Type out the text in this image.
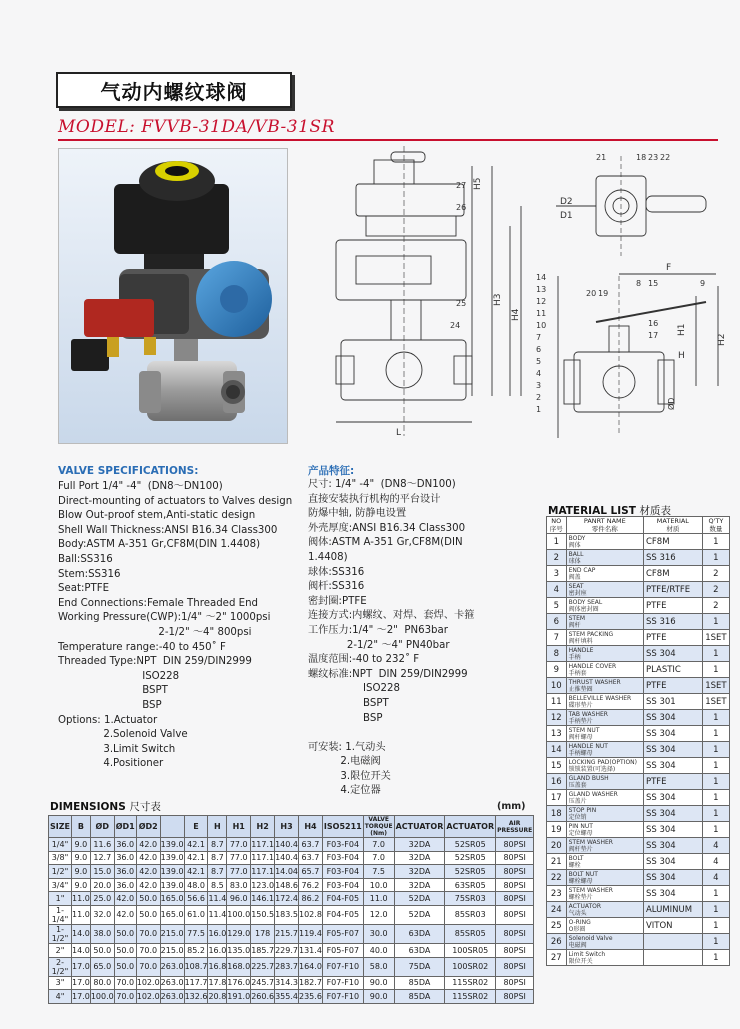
气动内螺纹球阀
MODEL: FVVB-31DA/VB-31SR
L
H5
H3
H4
27
26
24
21	18 23 22
D2
D1
F
H1
H
H2
ØD
8 15	9
14
13
12
11
10
7
6
5
4
3
2
1
16
17
20 19
25
VALVE SPECIFICATIONS:
Full Port 1/4" -4"  (DN8～DN100)
Direct-mounting of actuators to Valves design
Blow Out-proof stem,Anti-static design
Shell Wall Thickness:ANSI B16.34 Class300
Body:ASTM A-351 Gr,CF8M(DIN 1.4408)
Ball:SS316
Stem:SS316
Seat:PTFE
End Connections:Female Threaded End
Working Pressure(CWP):1/4" ～2" 1000psi
2-1/2" ～4" 800psi
Temperature range:-40 to 450˚ F
Threaded Type:NPT  DIN 259/DIN2999
ISO228
BSPT
BSP
Options: 1.Actuator
2.Solenoid Valve
3.Limit Switch
4.Positioner
产品特征:
尺寸: 1/4" -4"  (DN8～DN100)
直接安装执行机构的平台设计
防爆中轴, 防静电设置
外壳厚度:ANSI B16.34 Class300
阀体:ASTM A-351 Gr,CF8M(DIN
1.4408)
球体:SS316
阀杆:SS316
密封圈:PTFE
连接方式:内螺纹、对焊、套焊、卡箍
工作压力:1/4" ～2"  PN63bar
2-1/2" ～4" PN40bar
温度范围:-40 to 232˚ F
螺纹标准:NPT  DIN 259/DIN2999
ISO228
BSPT
BSP

可安装: 1.气动头
2.电磁阀
3.限位开关
4.定位器
MATERIAL LIST 材质表
NO
序号	PANRT NAME
零件名称	MATERIAL
材质	Q'TY
数量
1	BODY
阀体	CF8M	1
2	BALL
球体	SS 316	1
3	END CAP
阀盖	CF8M	2
4	SEAT
密封座	PTFE/RTFE	2
5	BODY SEAL
阀体密封圈	PTFE	2
6	STEM
阀杆	SS 316	1
7	STEM PACKING
阀杆填料	PTFE	1SET
8	HANDLE
手柄	SS 304	1
9	HANDLE COVER
手柄套	PLASTIC	1
10	THRUST WASHER
止推垫圈	PTFE	1SET
11	BELLEVILLE WASHER
碟形垫片	SS 301	1SET
12	TAB WASHER
手柄垫片	SS 304	1
13	STEM NUT
阀杆螺母	SS 304	1
14	HANDLE NUT
手柄螺母	SS 304	1
15	LOCKING PAD(OPTION)
锁锁装置(可选择)	SS 304	1
16	GLAND BUSH
压盖套	PTFE	1
17	GLAND WASHER
压盖片	SS 304	1
18	STOP PIN
定位销	SS 304	1
19	PIN NUT
定位螺母	SS 304	1
20	STEM WASHER
阀杆垫片	SS 304	4
21	BOLT
螺栓	SS 304	4
22	BOLT NUT
螺栓螺母	SS 304	4
23	STEM WASHER
螺栓垫片	SS 304	1
24	ACTUATOR
气动头	ALUMINUM	1
25	O-RING
O形圈	VITON	1
26	Solenoid Valve
电磁阀		1
27	Limit Switch
限位开关		1
DIMENSIONS 尺寸表	(mm)
SIZE	B	ØD	ØD1	ØD2		E	H	H1	H2	H3	H4	ISO5211	VALVE TORQUE (Nm)	ACTUATOR	ACTUATOR	AIR PRESSURE
1/4"	9.0	11.6	36.0	42.0	139.0	42.1	8.7	77.0	117.1	140.4	63.7	F03-F04	7.0	32DA	52SR05	80PSI
3/8"	9.0	12.7	36.0	42.0	139.0	42.1	8.7	77.0	117.1	140.4	63.7	F03-F04	7.0	32DA	52SR05	80PSI
1/2"	9.0	15.0	36.0	42.0	139.0	42.1	8.7	77.0	117.1	14.04	65.7	F03-F04	7.5	32DA	52SR05	80PSI
3/4"	9.0	20.0	36.0	42.0	139.0	48.0	8.5	83.0	123.0	148.6	76.2	F03-F04	10.0	32DA	63SR05	80PSI
1"	11.0	25.0	42.0	50.0	165.0	56.6	11.4	96.0	146.1	172.4	86.2	F04-F05	11.0	52DA	75SR03	80PSI
1-1/4"	11.0	32.0	42.0	50.0	165.0	61.0	11.4	100.0	150.5	183.5	102.8	F04-F05	12.0	52DA	85SR03	80PSI
1-1/2"	14.0	38.0	50.0	70.0	215.0	77.5	16.0	129.0	178	215.7	119.4	F05-F07	30.0	63DA	85SR05	80PSI
2"	14.0	50.0	50.0	70.0	215.0	85.2	16.0	135.0	185.7	229.7	131.4	F05-F07	40.0	63DA	100SR05	80PSI
2-1/2"	17.0	65.0	50.0	70.0	263.0	108.7	16.8	168.0	225.7	283.7	164.0	F07-F10	58.0	75DA	100SR02	80PSI
3"	17.0	80.0	70.0	102.0	263.0	117.7	17.8	176.0	245.7	314.3	182.7	F07-F10	90.0	85DA	115SR02	80PSI
4"	17.0	100.0	70.0	102.0	263.0	132.6	20.8	191.0	260.6	355.4	235.6	F07-F10	90.0	85DA	115SR02	80PSI
